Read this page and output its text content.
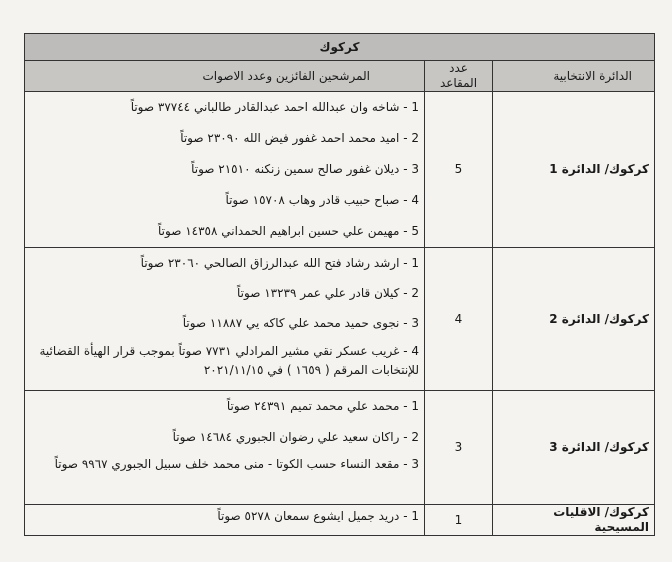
كركوك		
الدائرة الانتخابية	عدد المقاعد	المرشحين الفائزين وعدد الاصوات
كركوك/ الدائرة 1	5	1 - شاخه وان عبدالله احمد عبدالقادر طالباني ٣٧٧٤٤ صوتاً
2 - اميد محمد احمد غفور فيض الله ٢٣٠٩٠ صوتاً
3 - ديلان غفور صالح سمين زنكنه ٢١٥١٠ صوتاً
4 - صباح حبيب قادر وهاب ١٥٧٠٨ صوتاً
5 - مهيمن علي حسين ابراهيم الحمداني ١٤٣٥٨ صوتاً

كركوك/ الدائرة 2	4	1 - ارشد رشاد فتح الله عبدالرزاق الصالحي ٢٣٠٦٠ صوتاً
2 - كيلان قادر علي عمر ١٣٢٣٩ صوتاً
3 - نجوى حميد محمد علي كاكه يي ١١٨٨٧ صوتاً
4 - غريب عسكر نقي مشير المرادلي ٧٧٣١ صوتاً بموجب قرار الهيأة القضائية للإنتخابات المرقم ( ١٦٥٩ ) في ٢٠٢١/١١/١٥

كركوك/ الدائرة 3	3	1 - محمد علي محمد تميم ٢٤٣٩١ صوتاً
2 - راكان سعيد علي رضوان الجبوري ١٤٦٨٤ صوتاً
3 - مقعد النساء حسب الكوتا - منى محمد خلف سبيل الجبوري ٩٩٦٧ صوتاً

كركوك/ الاقليات المسيحية	1	1 - دريد جميل ايشوع سمعان ٥٢٧٨ صوتاً
